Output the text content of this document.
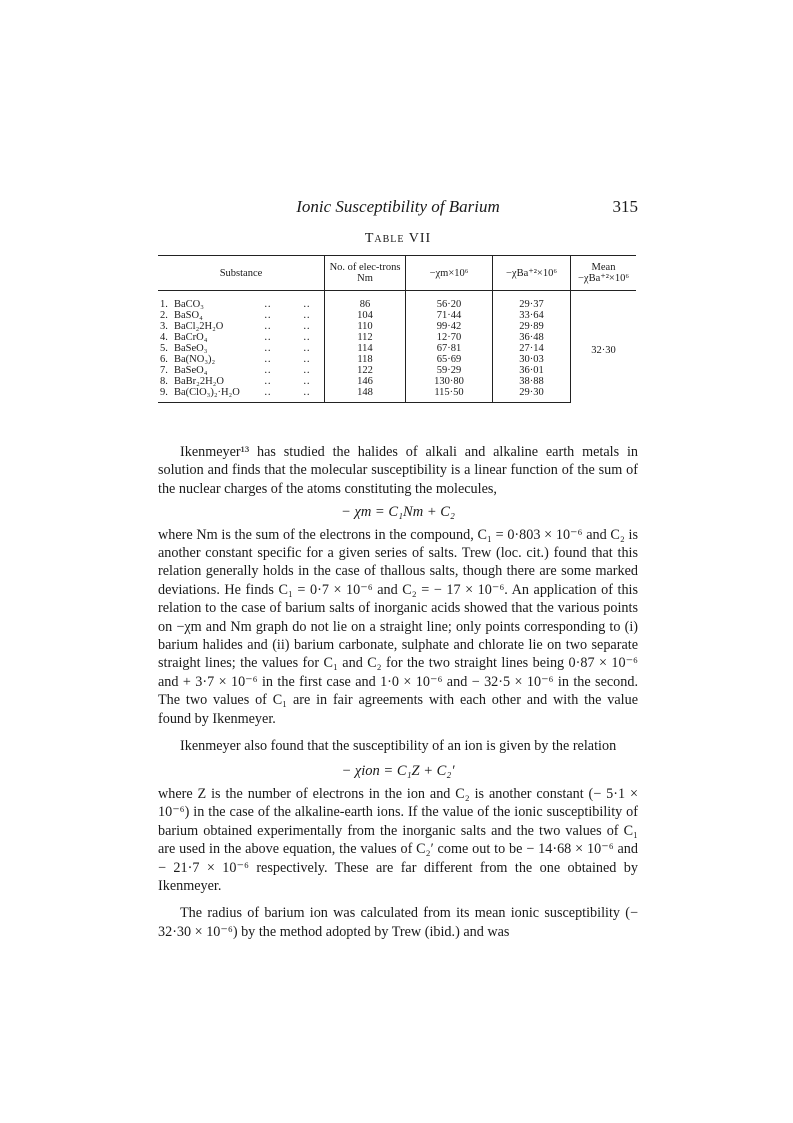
Ionic Susceptibility of Barium	315
Table VII
Substance	No. of elec-trons Nm	−χm×10⁶	−χBa⁺²×10⁶	Mean −χBa⁺²×10⁶
1. BaCO₃ ‥ ‥	86	56·20	29·37	32·30
2. BaSO₄ ‥ ‥	104	71·44	33·64	
3. BaCl₂2H₂O ‥ ‥	110	99·42	29·89	
4. BaCrO₄ ‥ ‥	112	12·70	36·48	
5. BaSeO₃ ‥ ‥	114	67·81	27·14	
6. Ba(NO₃)₂ ‥ ‥	118	65·69	30·03	
7. BaSeO₄ ‥ ‥	122	59·29	36·01	
8. BaBr₂2H₂O ‥ ‥	146	130·80	38·88	
9. Ba(ClO₃)₂·H₂O ‥ ‥	148	115·50	29·30	

Ikenmeyer¹³ has studied the halides of alkali and alkaline earth metals in solution and finds that the molecular susceptibility is a linear function of the sum of the nuclear charges of the atoms constituting the molecules,

− χm = C₁Nm + C₂

where Nm is the sum of the electrons in the compound, C₁ = 0·803 × 10⁻⁶ and C₂ is another constant specific for a given series of salts. Trew (loc. cit.) found that this relation generally holds in the case of thallous salts, though there are some marked deviations. He finds C₁ = 0·7 × 10⁻⁶ and C₂ = − 17 × 10⁻⁶. An application of this relation to the case of barium salts of inorganic acids showed that the various points on −χm and Nm graph do not lie on a straight line; only points corresponding to (i) barium halides and (ii) barium carbonate, sulphate and chlorate lie on two separate straight lines; the values for C₁ and C₂ for the two straight lines being 0·87 × 10⁻⁶ and + 3·7 × 10⁻⁶ in the first case and 1·0 × 10⁻⁶ and − 32·5 × 10⁻⁶ in the second. The two values of C₁ are in fair agreements with each other and with the value found by Ikenmeyer.

Ikenmeyer also found that the susceptibility of an ion is given by the relation

− χion = C₁Z + C₂′

where Z is the number of electrons in the ion and C₂ is another constant (− 5·1 × 10⁻⁶) in the case of the alkaline-earth ions. If the value of the ionic susceptibility of barium obtained experimentally from the inorganic salts and the two values of C₁ are used in the above equation, the values of C₂′ come out to be − 14·68 × 10⁻⁶ and − 21·7 × 10⁻⁶ respectively. These are far different from the one obtained by Ikenmeyer.

The radius of barium ion was calculated from its mean ionic susceptibility (− 32·30 × 10⁻⁶) by the method adopted by Trew (ibid.) and was
